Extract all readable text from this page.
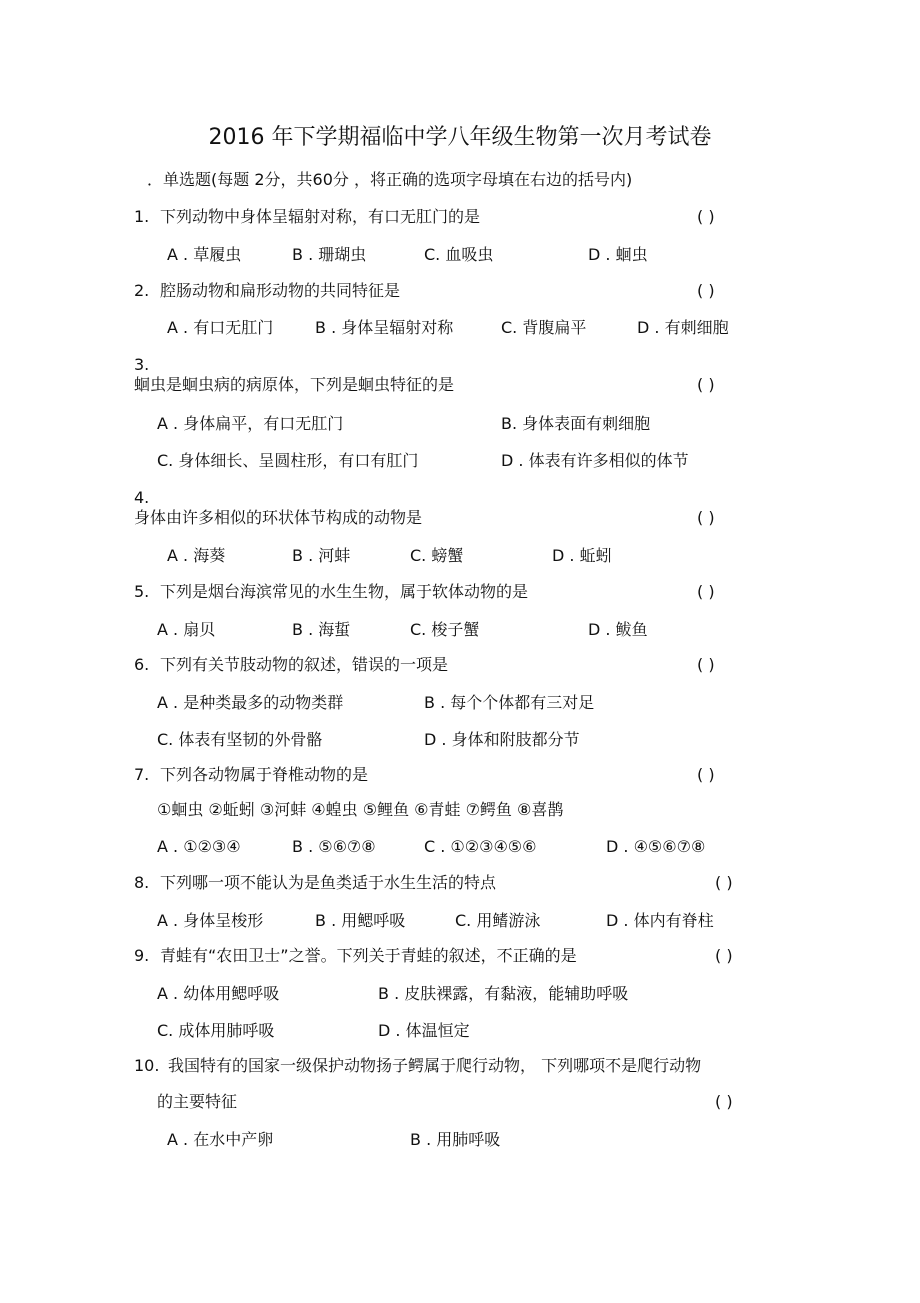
2016 年下学期福临中学八年级生物第一次月考试卷
．单选题(每题 2分，共60分 ，将正确的选项字母填在右边的括号内)
1. 下列动物中身体呈辐射对称，有口无肛门的是	( )
A . 草履虫	B . 珊瑚虫	C. 血吸虫	D . 蛔虫
2. 腔肠动物和扁形动物的共同特征是	( )
A . 有口无肛门	B . 身体呈辐射对称	C. 背腹扁平	D . 有刺细胞
3.
蛔虫是蛔虫病的病原体，下列是蛔虫特征的是	( )
A . 身体扁平，有口无肛门	B. 身体表面有刺细胞
C. 身体细长、呈圆柱形，有口有肛门	D . 体表有许多相似的体节
4.
身体由许多相似的环状体节构成的动物是	( )
A . 海葵	B . 河蚌	C. 螃蟹	D . 蚯蚓
5. 下列是烟台海滨常见的水生生物，属于软体动物的是	( )
A . 扇贝	B . 海蜇	C. 梭子蟹	D . 鲅鱼
6. 下列有关节肢动物的叙述，错误的一项是	( )
A . 是种类最多的动物类群	B . 每个个体都有三对足
C. 体表有坚韧的外骨骼	D . 身体和附肢都分节
7. 下列各动物属于脊椎动物的是	( )
①蛔虫 ②蚯蚓 ③河蚌 ④蝗虫 ⑤鲤鱼 ⑥青蛙 ⑦鳄鱼 ⑧喜鹊
A . ①②③④	B . ⑤⑥⑦⑧	C . ①②③④⑤⑥	D . ④⑤⑥⑦⑧
8. 下列哪一项不能认为是鱼类适于水生生活的特点	( )
A . 身体呈梭形	B . 用鳃呼吸	C. 用鳍游泳	D . 体内有脊柱
9. 青蛙有“农田卫士”之誉。下列关于青蛙的叙述，不正确的是	( )
A . 幼体用鳃呼吸	B . 皮肤裸露，有黏液，能辅助呼吸
C. 成体用肺呼吸	D . 体温恒定
10. 我国特有的国家一级保护动物扬子鳄属于爬行动物， 下列哪项不是爬行动物
的主要特征	( )
A . 在水中产卵	B . 用肺呼吸
